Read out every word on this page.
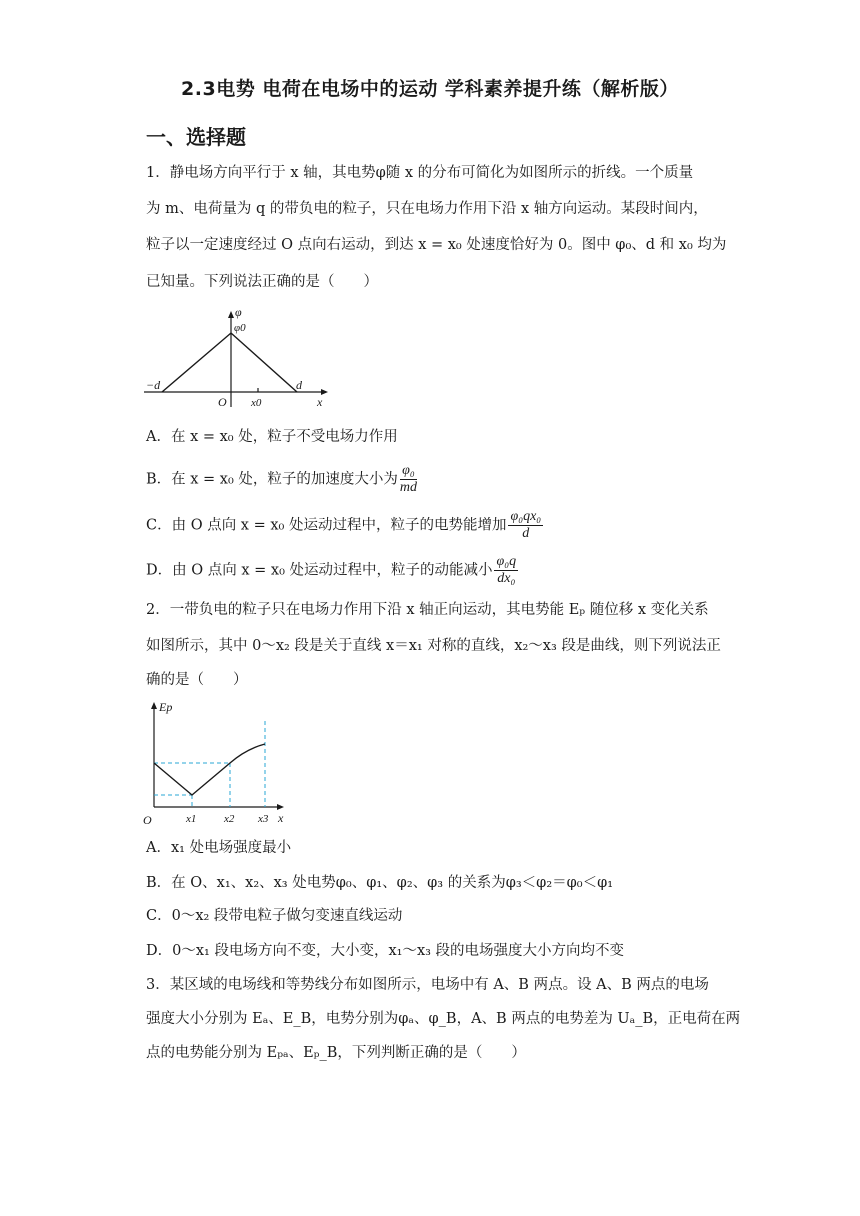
2.3电势 电荷在电场中的运动 学科素养提升练（解析版）
一、选择题
1．静电场方向平行于 x 轴，其电势φ随 x 的分布可简化为如图所示的折线。一个质量
为 m、电荷量为 q 的带负电的粒子，只在电场力作用下沿 x 轴方向运动。某段时间内，
粒子以一定速度经过 O 点向右运动，到达 x = x₀ 处速度恰好为 0。图中 φ₀、d 和 x₀ 均为
已知量。下列说法正确的是（　　）
φ
φ0
−d	d
O x0	x
A．在 x = x₀ 处，粒子不受电场力作用
B．在 x = x₀ 处，粒子的加速度大小为 $\frac{\text{φ₀}}{md}$
C．由 O 点向 x = x₀ 处运动过程中，粒子的电势能增加 $\frac{\text{φ₀qx₀}}{d}$
D．由 O 点向 x = x₀ 处运动过程中，粒子的动能减小 $\frac{\text{φ₀q}}{\text{dx₀}}$
2．一带负电的粒子只在电场力作用下沿 x 轴正向运动，其电势能 Eₚ 随位移 x 变化关系
如图所示，其中 0～x₂ 段是关于直线 x＝x₁ 对称的直线，x₂～x₃ 段是曲线，则下列说法正
确的是（　　）
Ep
O	x1	x2 x3 x
A．x₁ 处电场强度最小
B．在 O、x₁、x₂、x₃ 处电势φ₀、φ₁、φ₂、φ₃ 的关系为φ₃＜φ₂＝φ₀＜φ₁
C．0～x₂ 段带电粒子做匀变速直线运动
D．0～x₁ 段电场方向不变，大小变，x₁～x₃ 段的电场强度大小方向均不变
3．某区域的电场线和等势线分布如图所示，电场中有 A、B 两点。设 A、B 两点的电场
强度大小分别为 Eₐ、E_B，电势分别为φₐ、φ_B，A、B 两点的电势差为 Uₐ_B，正电荷在两
点的电势能分别为 Eₚₐ、Eₚ_B，下列判断正确的是（　　）
